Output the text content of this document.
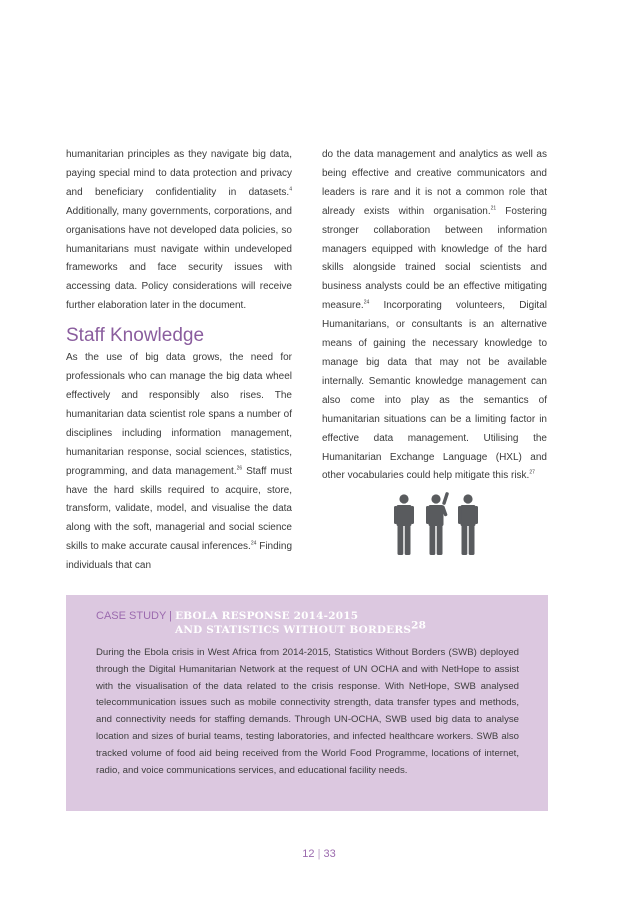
humanitarian principles as they navigate big data, paying special mind to data protection and privacy and beneficiary confidentiality in datasets.$^4$ Additionally, many governments, corporations, and organisations have not developed data policies, so humanitarians must navigate within undeveloped frameworks and face security issues with accessing data. Policy considerations will receive further elaboration later in the document.

Staff Knowledge

As the use of big data grows, the need for professionals who can manage the big data wheel effectively and responsibly also rises. The humanitarian data scientist role spans a number of disciplines including information management, humanitarian response, social sciences, statistics, programming, and data management.$^{26}$ Staff must have the hard skills required to acquire, store, transform, validate, model, and visualise the data along with the soft, managerial and social science skills to make accurate causal inferences.$^{24}$ Finding individuals that can

do the data management and analytics as well as being effective and creative communicators and leaders is rare and it is not a common role that already exists within organisation.$^{21}$ Fostering stronger collaboration between information managers equipped with knowledge of the hard skills alongside trained social scientists and business analysts could be an effective mitigating measure.$^{24}$ Incorporating volunteers, Digital Humanitarians, or consultants is an alternative means of gaining the necessary knowledge to manage big data that may not be available internally. Semantic knowledge management can also come into play as the semantics of humanitarian situations can be a limiting factor in effective data management. Utilising the Humanitarian Exchange Language (HXL) and other vocabularies could help mitigate this risk.$^{27}$

CASE STUDY | EBOLA RESPONSE 2014-2015
AND STATISTICS WITHOUT BORDERS$^{28}$

During the Ebola crisis in West Africa from 2014-2015, Statistics Without Borders (SWB) deployed through the Digital Humanitarian Network at the request of UN OCHA and with NetHope to assist with the visualisation of the data related to the crisis response. With NetHope, SWB analysed telecommunication issues such as mobile connectivity strength, data transfer types and methods, and connectivity needs for staffing demands. Through UN-OCHA, SWB used big data to analyse location and sizes of burial teams, testing laboratories, and infected healthcare workers. SWB also tracked volume of food aid being received from the World Food Programme, locations of internet, radio, and voice communications services, and educational facility needs.

12 | 33
